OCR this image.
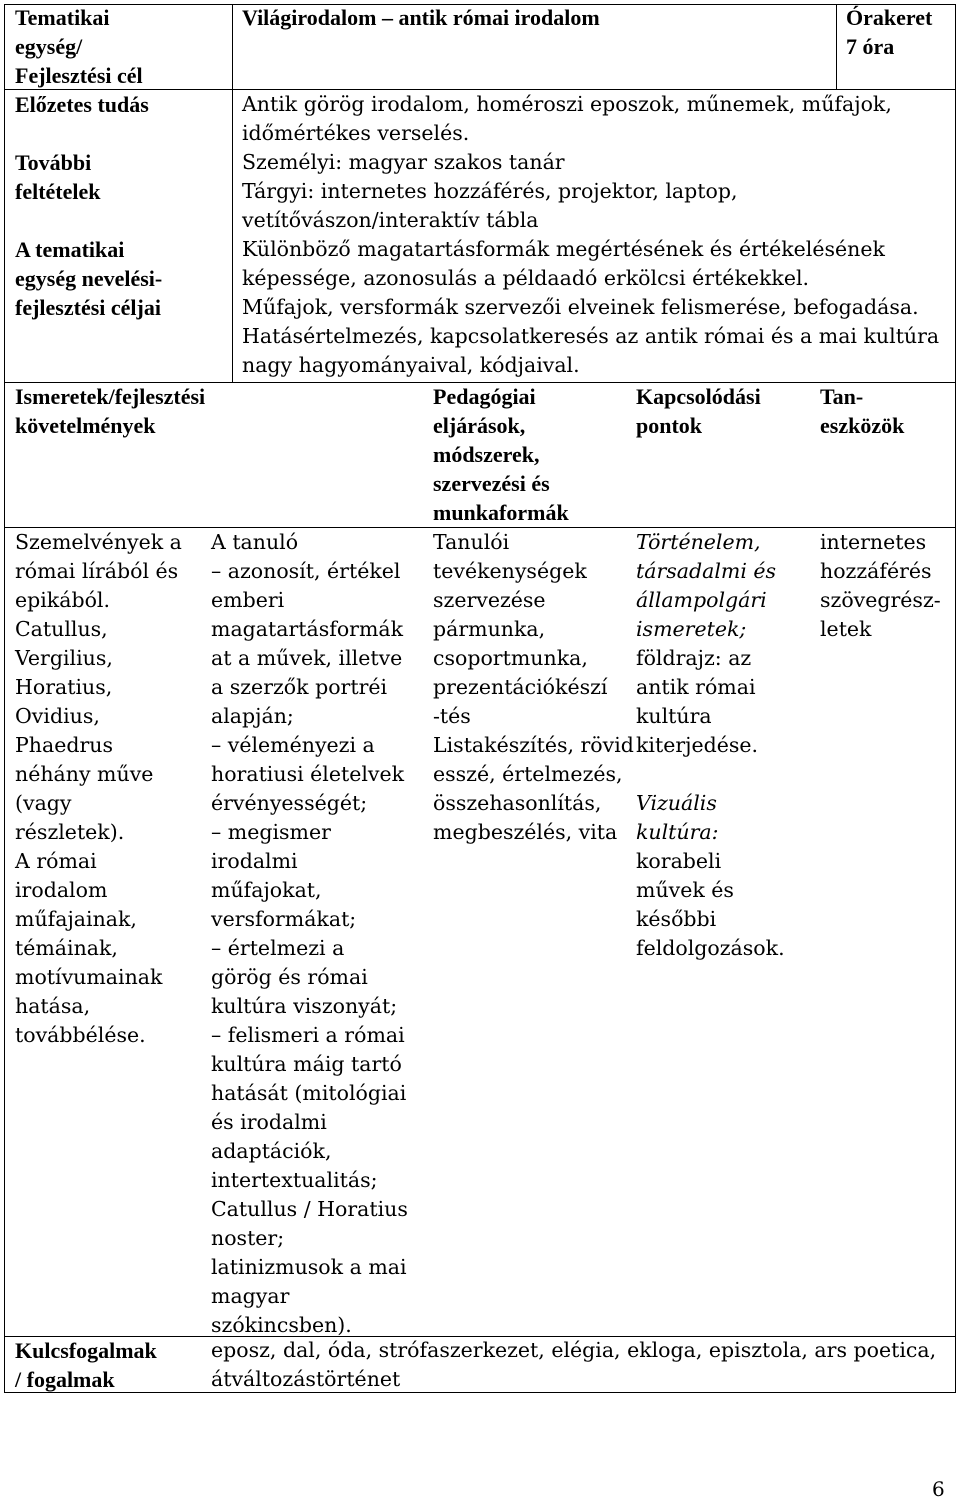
Tematikai
egység/
Fejlesztési cél
Világirodalom – antik római irodalom	Órakeret
7 óra
Előzetes tudás	Antik görög irodalom, homéroszi eposzok, műnemek, műfajok,
időmértékes verselés.
További
feltételek
Személyi: magyar szakos tanár
Tárgyi: internetes hozzáférés, projektor, laptop,
vetítővászon/interaktív tábla
A tematikai
egység nevelési-
fejlesztési céljai
Különböző magatartásformák megértésének és értékelésének
képessége, azonosulás a példaadó erkölcsi értékekkel.
Műfajok, versformák szervezői elveinek felismerése, befogadása.
Hatásértelmezés, kapcsolatkeresés az antik római és a mai kultúra
nagy hagyományaival, kódjaival.
Ismeretek/fejlesztési
követelmények
Pedagógiai
eljárások,
módszerek,
szervezési és
munkaformák
Kapcsolódási
pontok
Tan-
eszközök
Szemelvények a
római lírából és
epikából.
Catullus,
Vergilius,
Horatius,
Ovidius,
Phaedrus
néhány műve
(vagy
részletek).
A római
irodalom
műfajainak,
témáinak,
motívumainak
hatása,
továbbélése.
A tanuló
– azonosít, értékel
emberi
magatartásformák
at a művek, illetve
a szerzők portréi
alapján;
– véleményezi a
horatiusi életelvek
érvényességét;
– megismer
irodalmi
műfajokat,
versformákat;
– értelmezi a
görög és római
kultúra viszonyát;
– felismeri a római
kultúra máig tartó
hatását (mitológiai
és irodalmi
adaptációk,
intertextualitás;
Catullus / Horatius
noster;
latinizmusok a mai
magyar
szókincsben).
Tanulói
tevékenységek
szervezése
pármunka,
csoportmunka,
prezentációkészí
-tés
Listakészítés, rövid
esszé, értelmezés,
összehasonlítás,
megbeszélés, vita
Történelem,
társadalmi és
állampolgári
ismeretek;
földrajz: az
antik római
kultúra
kiterjedése.
Vizuális
kultúra:
korabeli
művek és
későbbi
feldolgozások.
internetes
hozzáférés
szövegrész-
letek
Kulcsfogalmak
/ fogalmak
eposz, dal, óda, strófaszerkezet, elégia, ekloga, episztola, ars poetica,
átváltozástörténet
6
